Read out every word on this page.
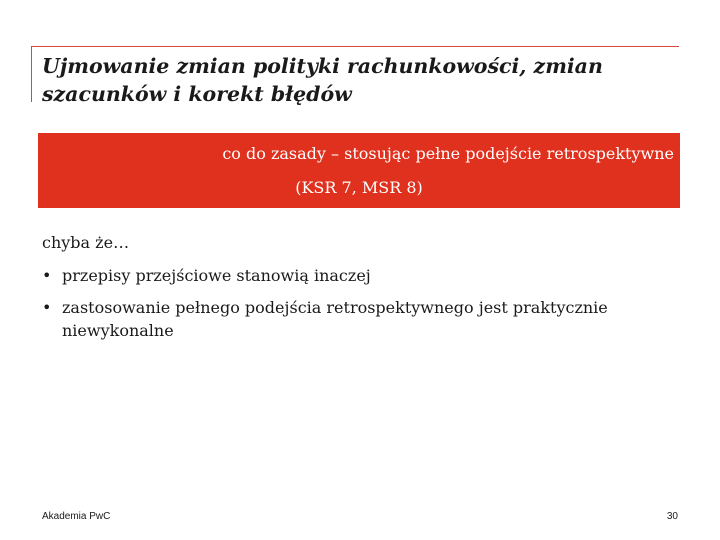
Ujmowanie zmian polityki rachunkowości, zmian szacunków i korekt błędów
co do zasady – stosując pełne podejście retrospektywne
(KSR 7, MSR 8)
chyba że…
• przepisy przejściowe stanowią inaczej
• zastosowanie pełnego podejścia retrospektywnego jest praktycznie niewykonalne
Akademia PwC	30
